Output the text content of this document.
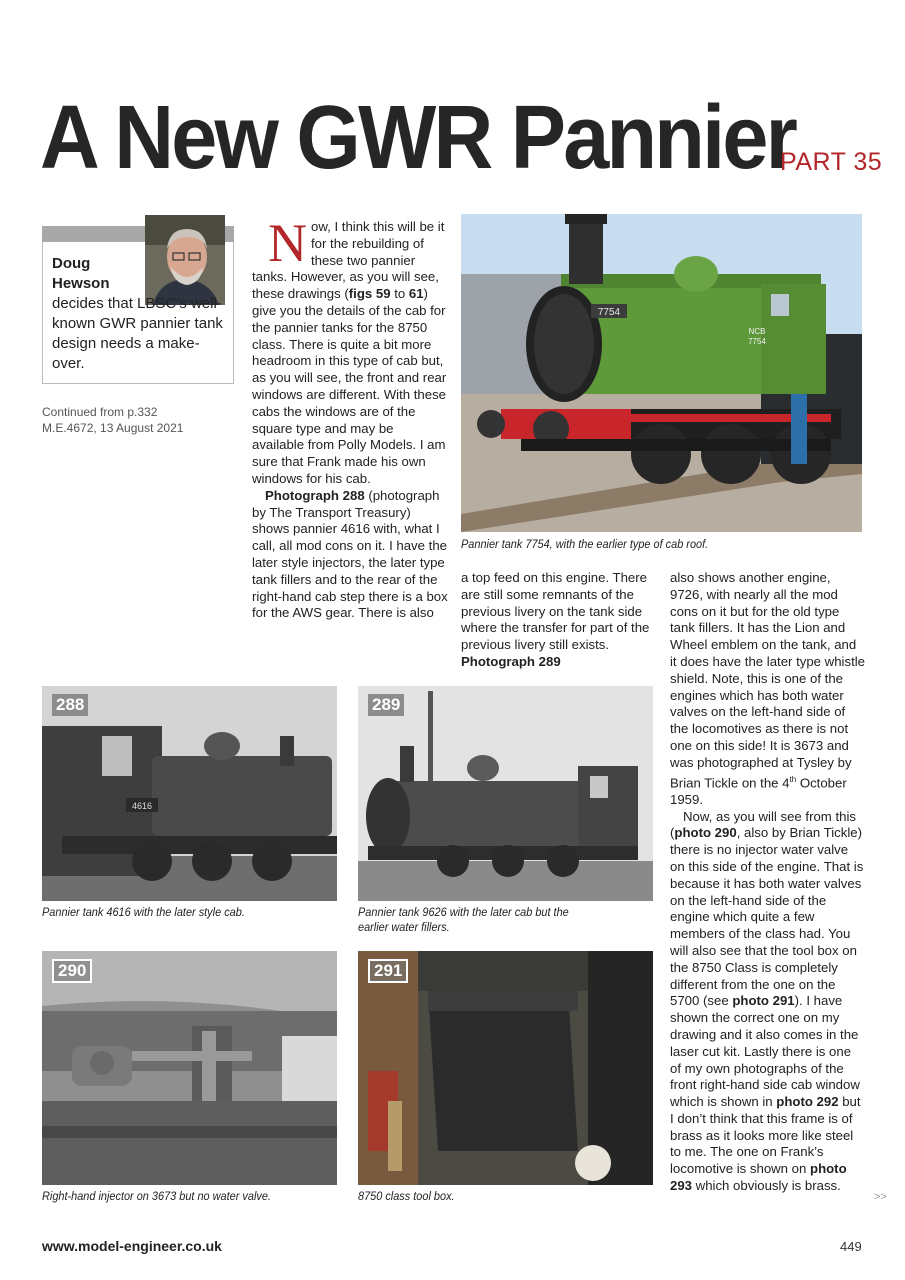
A New GWR Pannier
PART 35
Doug
Hewson
decides that LBSC’s well-known GWR pannier tank design needs a make-over.
Continued from p.332
M.E.4672, 13 August 2021

Now, I think this will be it for the rebuilding of these two pannier tanks. However, as you will see, these drawings (figs 59 to 61) give you the details of the cab for the pannier tanks for the 8750 class. There is quite a bit more headroom in this type of cab but, as you will see, the front and rear windows are different. With these cabs the windows are of the square type and may be available from Polly Models. I am sure that Frank made his own windows for his cab.

Photograph 288 (photograph by The Transport Treasury) shows pannier 4616 with, what I call, all mod cons on it. I have the later style injectors, the later type tank fillers and to the rear of the right-hand cab step there is a box for the AWS gear. There is also

7754
NCB
7754
Pannier tank 7754, with the earlier type of cab roof.

a top feed on this engine. There are still some remnants of the previous livery on the tank side where the transfer for part of the previous livery still exists. Photograph 289

also shows another engine, 9726, with nearly all the mod cons on it but for the old type tank fillers. It has the Lion and Wheel emblem on the tank, and it does have the later type whistle shield. Note, this is one of the engines which has both water valves on the left-hand side of the locomotives as there is not one on this side! It is 3673 and was photographed at Tysley by Brian Tickle on the 4th October 1959.

Now, as you will see from this (photo 290, also by Brian Tickle) there is no injector water valve on this side of the engine. That is because it has both water valves on the left-hand side of the engine which quite a few members of the class had. You will also see that the tool box on the 8750 Class is completely different from the one on the 5700 (see photo 291). I have shown the correct one on my drawing and it also comes in the laser cut kit. Lastly there is one of my own photographs of the front right-hand side cab window which is shown in photo 292 but I don’t think that this frame is of brass as it looks more like steel to me. The one on Frank’s locomotive is shown on photo 293 which obviously is brass.

4616
288
Pannier tank 4616 with the later style cab.
289
Pannier tank 9626 with the later cab but the earlier water fillers.
290
Right-hand injector on 3673 but no water valve.
291
8750 class tool box.	>>
www.model-engineer.co.uk	449
